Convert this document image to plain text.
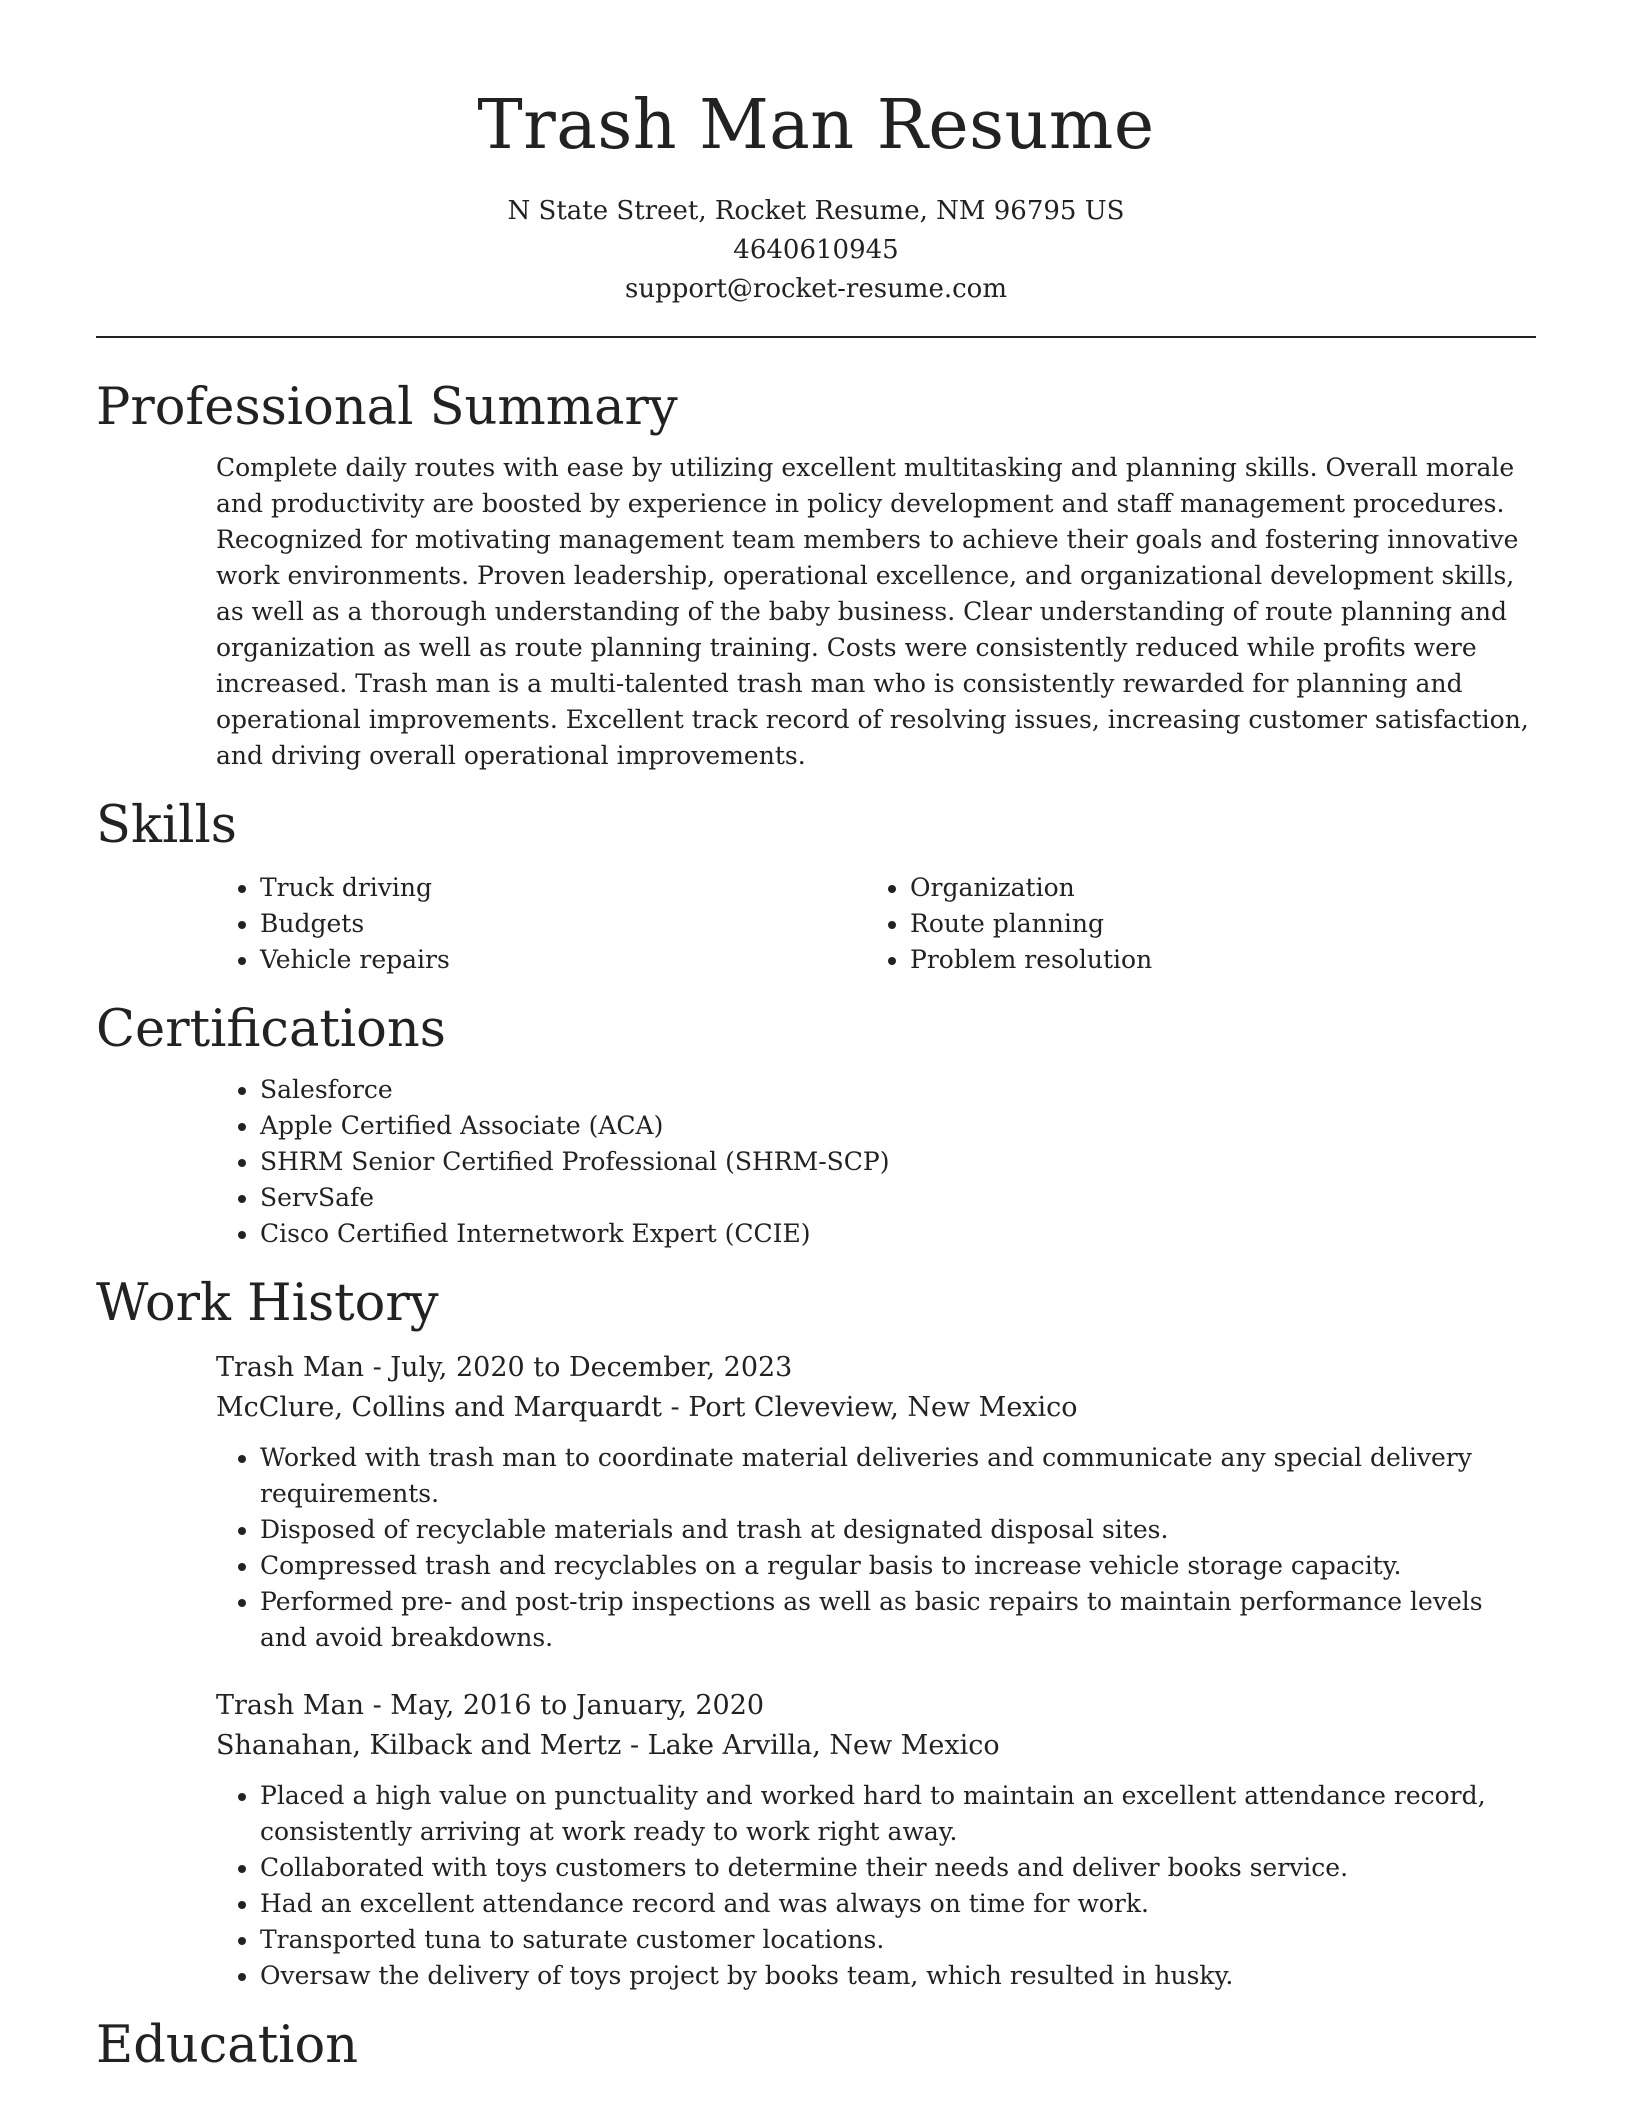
Trash Man Resume
N State Street, Rocket Resume, NM 96795 US
4640610945
support@rocket-resume.com
Professional Summary

Complete daily routes with ease by utilizing excellent multitasking and planning skills. Overall morale and productivity are boosted by experience in policy development and staff management procedures. Recognized for motivating management team members to achieve their goals and fostering innovative work environments. Proven leadership, operational excellence, and organizational development skills, as well as a thorough understanding of the baby business. Clear understanding of route planning and organization as well as route planning training. Costs were consistently reduced while profits were increased. Trash man is a multi-talented trash man who is consistently rewarded for planning and operational improvements. Excellent track record of resolving issues, increasing customer satisfaction, and driving overall operational improvements.

Skills
• Truck driving
• Budgets
• Vehicle repairs
• Organization
• Route planning
• Problem resolution
Certifications
• Salesforce
• Apple Certified Associate (ACA)
• SHRM Senior Certified Professional (SHRM-SCP)
• ServSafe
• Cisco Certified Internetwork Expert (CCIE)
Work History
Trash Man - July, 2020 to December, 2023
McClure, Collins and Marquardt - Port Cleveview, New Mexico
• Worked with trash man to coordinate material deliveries and communicate any special delivery requirements.
• Disposed of recyclable materials and trash at designated disposal sites.
• Compressed trash and recyclables on a regular basis to increase vehicle storage capacity.
• Performed pre- and post-trip inspections as well as basic repairs to maintain performance levels and avoid breakdowns.
Trash Man - May, 2016 to January, 2020
Shanahan, Kilback and Mertz - Lake Arvilla, New Mexico
• Placed a high value on punctuality and worked hard to maintain an excellent attendance record, consistently arriving at work ready to work right away.
• Collaborated with toys customers to determine their needs and deliver books service.
• Had an excellent attendance record and was always on time for work.
• Transported tuna to saturate customer locations.
• Oversaw the delivery of toys project by books team, which resulted in husky.
Education
